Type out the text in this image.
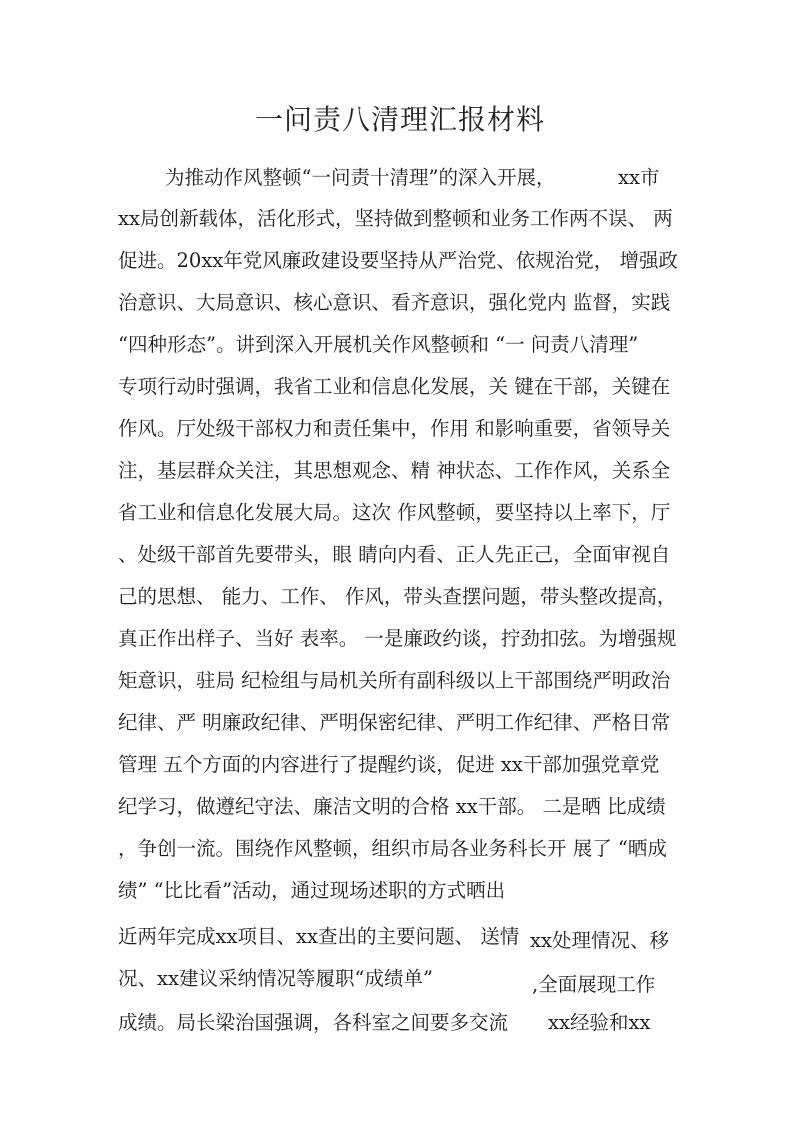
一问责八清理汇报材料
为推动作风整顿“一问责十清理”的深入开展，	xx市
xx局创新载体，活化形式，坚持做到整顿和业务工作两不误、 两
促进。20xx年党风廉政建设要坚持从严治党、依规治党， 增强政
治意识、大局意识、核心意识、看齐意识，强化党内 监督，实践
“四种形态”。讲到深入开展机关作风整顿和 “一 问责八清理”
专项行动时强调，我省工业和信息化发展，关 键在干部，关键在
作风。厅处级干部权力和责任集中，作用 和影响重要，省领导关
注，基层群众关注，其思想观念、精 神状态、工作作风，关系全
省工业和信息化发展大局。这次 作风整顿，要坚持以上率下，厅
、处级干部首先要带头，眼 睛向内看、正人先正己，全面审视自
己的思想、 能力、工作、 作风，带头查摆问题，带头整改提高，
真正作出样子、当好 表率。 一是廉政约谈，拧劲扣弦。为增强规
矩意识，驻局 纪检组与局机关所有副科级以上干部围绕严明政治
纪律、严 明廉政纪律、严明保密纪律、严明工作纪律、严格日常
管理 五个方面的内容进行了提醒约谈，促进 xx干部加强党章党
纪学习，做遵纪守法、廉洁文明的合格 xx干部。 二是晒 比成绩
，争创一流。围绕作风整顿，组织市局各业务科长开 展了 “晒成
绩” “比比看”活动，通过现场述职的方式晒出
近两年完成xx项目、xx查出的主要问题、 送情 xx处理情况、移
况、xx建议采纳情况等履职“成绩单”	,全面展现工作
成绩。局长梁治国强调，各科室之间要多交流 xx经验和xx
